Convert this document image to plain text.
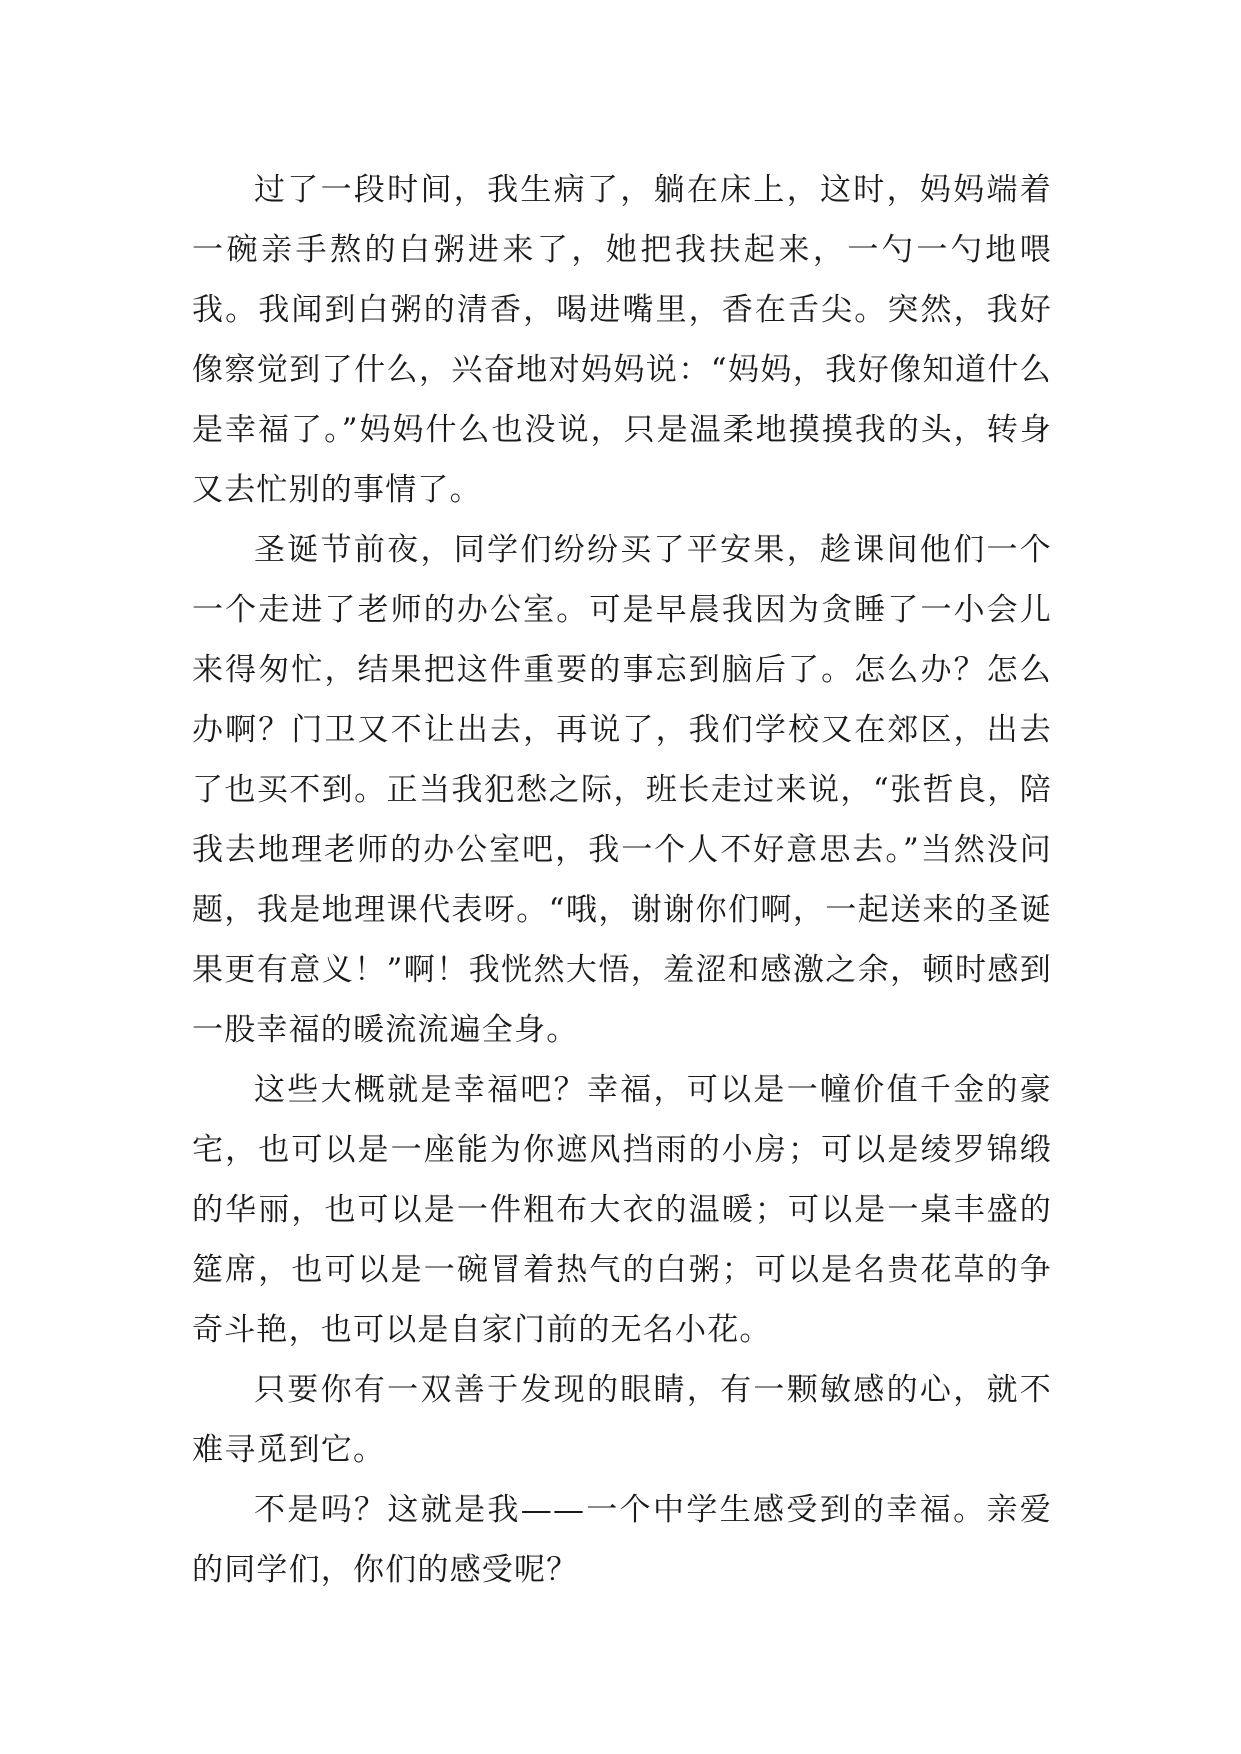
过了一段时间，我生病了，躺在床上，这时，妈妈端着一碗亲手熬的白粥进来了，她把我扶起来，一勺一勺地喂我。我闻到白粥的清香，喝进嘴里，香在舌尖。突然，我好像察觉到了什么，兴奋地对妈妈说：“妈妈，我好像知道什么是幸福了。”妈妈什么也没说，只是温柔地摸摸我的头，转身又去忙别的事情了。

圣诞节前夜，同学们纷纷买了平安果，趁课间他们一个一个走进了老师的办公室。可是早晨我因为贪睡了一小会儿来得匆忙，结果把这件重要的事忘到脑后了。怎么办？怎么办啊？门卫又不让出去，再说了，我们学校又在郊区，出去了也买不到。正当我犯愁之际，班长走过来说，“张哲良，陪我去地理老师的办公室吧，我一个人不好意思去。”当然没问题，我是地理课代表呀。“哦，谢谢你们啊，一起送来的圣诞果更有意义！”啊！我恍然大悟，羞涩和感激之余，顿时感到一股幸福的暖流流遍全身。

这些大概就是幸福吧？幸福，可以是一幢价值千金的豪宅，也可以是一座能为你遮风挡雨的小房；可以是绫罗锦缎的华丽，也可以是一件粗布大衣的温暖；可以是一桌丰盛的筵席，也可以是一碗冒着热气的白粥；可以是名贵花草的争奇斗艳，也可以是自家门前的无名小花。

只要你有一双善于发现的眼睛，有一颗敏感的心，就不难寻觅到它。

不是吗？这就是我——一个中学生感受到的幸福。亲爱的同学们，你们的感受呢？
